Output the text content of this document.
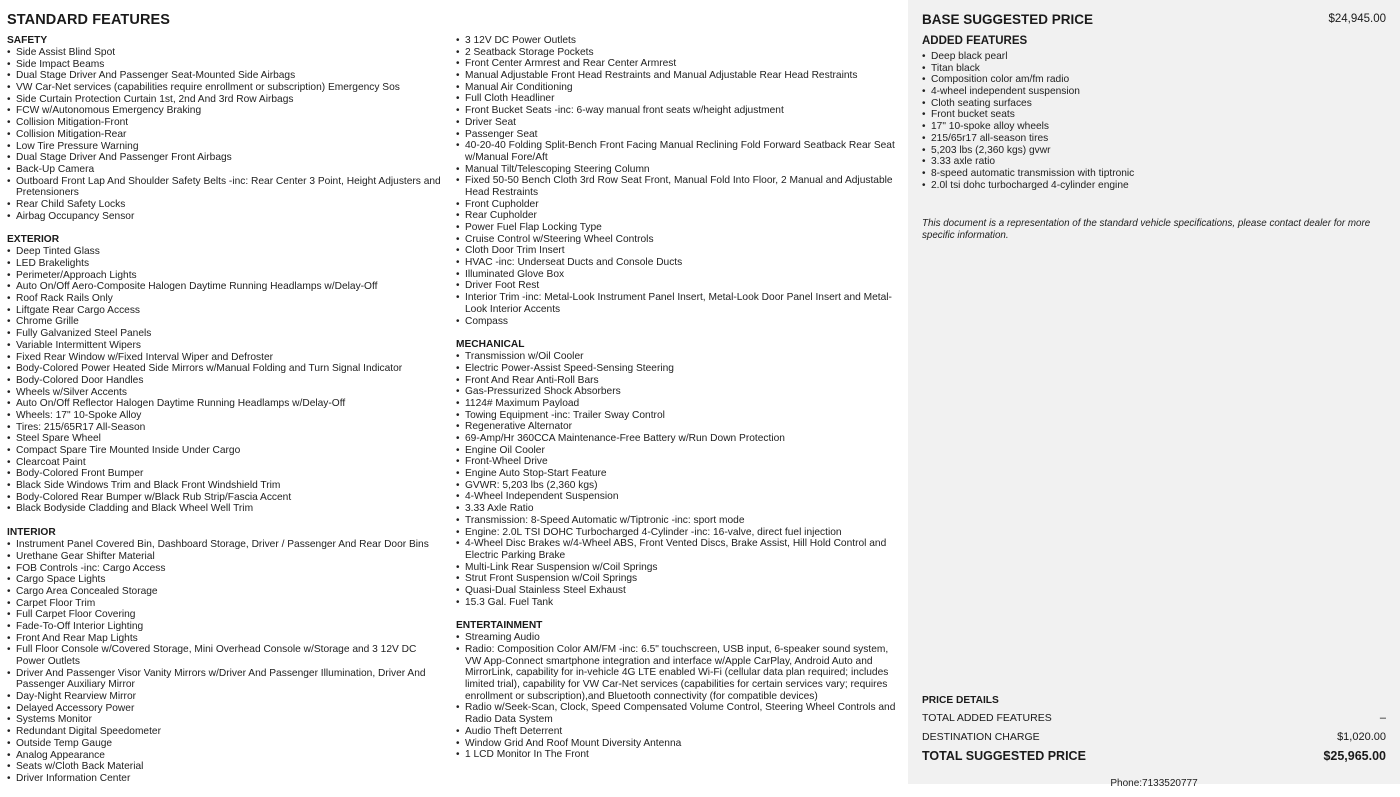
STANDARD FEATURES
SAFETY
• Side Assist Blind Spot
• Side Impact Beams
• Dual Stage Driver And Passenger Seat-Mounted Side Airbags
• VW Car-Net services (capabilities require enrollment or subscription) Emergency Sos
• Side Curtain Protection Curtain 1st, 2nd And 3rd Row Airbags
• FCW w/Autonomous Emergency Braking
• Collision Mitigation-Front
• Collision Mitigation-Rear
• Low Tire Pressure Warning
• Dual Stage Driver And Passenger Front Airbags
• Back-Up Camera
• Outboard Front Lap And Shoulder Safety Belts -inc: Rear Center 3 Point, Height Adjusters and Pretensioners
• Rear Child Safety Locks
• Airbag Occupancy Sensor
EXTERIOR
• Deep Tinted Glass
• LED Brakelights
• Perimeter/Approach Lights
• Auto On/Off Aero-Composite Halogen Daytime Running Headlamps w/Delay-Off
• Roof Rack Rails Only
• Liftgate Rear Cargo Access
• Chrome Grille
• Fully Galvanized Steel Panels
• Variable Intermittent Wipers
• Fixed Rear Window w/Fixed Interval Wiper and Defroster
• Body-Colored Power Heated Side Mirrors w/Manual Folding and Turn Signal Indicator
• Body-Colored Door Handles
• Wheels w/Silver Accents
• Auto On/Off Reflector Halogen Daytime Running Headlamps w/Delay-Off
• Wheels: 17" 10-Spoke Alloy
• Tires: 215/65R17 All-Season
• Steel Spare Wheel
• Compact Spare Tire Mounted Inside Under Cargo
• Clearcoat Paint
• Body-Colored Front Bumper
• Black Side Windows Trim and Black Front Windshield Trim
• Body-Colored Rear Bumper w/Black Rub Strip/Fascia Accent
• Black Bodyside Cladding and Black Wheel Well Trim
INTERIOR
• Instrument Panel Covered Bin, Dashboard Storage, Driver / Passenger And Rear Door Bins
• Urethane Gear Shifter Material
• FOB Controls -inc: Cargo Access
• Cargo Space Lights
• Cargo Area Concealed Storage
• Carpet Floor Trim
• Full Carpet Floor Covering
• Fade-To-Off Interior Lighting
• Front And Rear Map Lights
• Full Floor Console w/Covered Storage, Mini Overhead Console w/Storage and 3 12V DC Power Outlets
• Driver And Passenger Visor Vanity Mirrors w/Driver And Passenger Illumination, Driver And Passenger Auxiliary Mirror
• Day-Night Rearview Mirror
• Delayed Accessory Power
• Systems Monitor
• Redundant Digital Speedometer
• Outside Temp Gauge
• Analog Appearance
• Seats w/Cloth Back Material
• Driver Information Center
• 3 12V DC Power Outlets
• 2 Seatback Storage Pockets
• Front Center Armrest and Rear Center Armrest
• Manual Adjustable Front Head Restraints and Manual Adjustable Rear Head Restraints
• Manual Air Conditioning
• Full Cloth Headliner
• Front Bucket Seats -inc: 6-way manual front seats w/height adjustment
• Driver Seat
• Passenger Seat
• 40-20-40 Folding Split-Bench Front Facing Manual Reclining Fold Forward Seatback Rear Seat w/Manual Fore/Aft
• Manual Tilt/Telescoping Steering Column
• Fixed 50-50 Bench Cloth 3rd Row Seat Front, Manual Fold Into Floor, 2 Manual and Adjustable Head Restraints
• Front Cupholder
• Rear Cupholder
• Power Fuel Flap Locking Type
• Cruise Control w/Steering Wheel Controls
• Cloth Door Trim Insert
• HVAC -inc: Underseat Ducts and Console Ducts
• Illuminated Glove Box
• Driver Foot Rest
• Interior Trim -inc: Metal-Look Instrument Panel Insert, Metal-Look Door Panel Insert and Metal-Look Interior Accents
• Compass
MECHANICAL
• Transmission w/Oil Cooler
• Electric Power-Assist Speed-Sensing Steering
• Front And Rear Anti-Roll Bars
• Gas-Pressurized Shock Absorbers
• 1124# Maximum Payload
• Towing Equipment -inc: Trailer Sway Control
• Regenerative Alternator
• 69-Amp/Hr 360CCA Maintenance-Free Battery w/Run Down Protection
• Engine Oil Cooler
• Front-Wheel Drive
• Engine Auto Stop-Start Feature
• GVWR: 5,203 lbs (2,360 kgs)
• 4-Wheel Independent Suspension
• 3.33 Axle Ratio
• Transmission: 8-Speed Automatic w/Tiptronic -inc: sport mode
• Engine: 2.0L TSI DOHC Turbocharged 4-Cylinder -inc: 16-valve, direct fuel injection
• 4-Wheel Disc Brakes w/4-Wheel ABS, Front Vented Discs, Brake Assist, Hill Hold Control and Electric Parking Brake
• Multi-Link Rear Suspension w/Coil Springs
• Strut Front Suspension w/Coil Springs
• Quasi-Dual Stainless Steel Exhaust
• 15.3 Gal. Fuel Tank
ENTERTAINMENT
• Streaming Audio
• Radio: Composition Color AM/FM -inc: 6.5" touchscreen, USB input, 6-speaker sound system, VW App-Connect smartphone integration and interface w/Apple CarPlay, Android Auto and MirrorLink, capability for in-vehicle 4G LTE enabled Wi-Fi (cellular data plan required; includes limited trial), capability for VW Car-Net services (capabilities for certain services vary; requires enrollment or subscription),and Bluetooth connectivity (for compatible devices)
• Radio w/Seek-Scan, Clock, Speed Compensated Volume Control, Steering Wheel Controls and Radio Data System
• Audio Theft Deterrent
• Window Grid And Roof Mount Diversity Antenna
• 1 LCD Monitor In The Front
BASE SUGGESTED PRICE	$24,945.00
ADDED FEATURES
• Deep black pearl
• Titan black
• Composition color am/fm radio
• 4-wheel independent suspension
• Cloth seating surfaces
• Front bucket seats
• 17" 10-spoke alloy wheels
• 215/65r17 all-season tires
• 5,203 lbs (2,360 kgs) gvwr
• 3.33 axle ratio
• 8-speed automatic transmission with tiptronic
• 2.0l tsi dohc turbocharged 4-cylinder engine
This document is a representation of the standard vehicle specifications, please contact dealer for more specific information.
PRICE DETAILS
TOTAL ADDED FEATURES	–
DESTINATION CHARGE	$1,020.00
TOTAL SUGGESTED PRICE	$25,965.00
Phone:7133520777
